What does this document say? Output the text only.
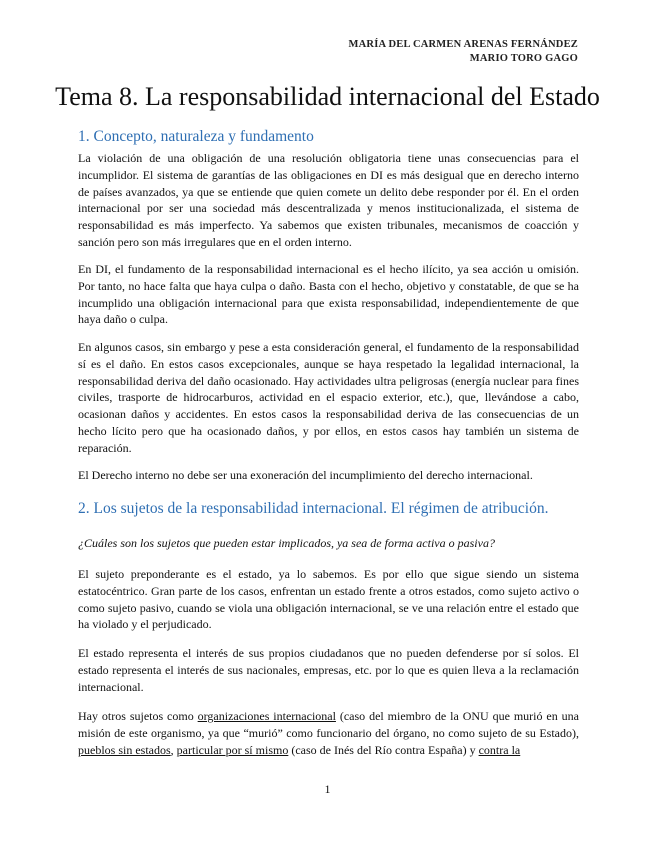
MARÍA DEL CARMEN ARENAS FERNÁNDEZ
MARIO TORO GAGO
Tema 8. La responsabilidad internacional del Estado
1. Concepto, naturaleza y fundamento

La violación de una obligación de una resolución obligatoria tiene unas consecuencias para el incumplidor. El sistema de garantías de las obligaciones en DI es más desigual que en derecho interno de países avanzados, ya que se entiende que quien comete un delito debe responder por él. En el orden internacional por ser una sociedad más descentralizada y menos institucionalizada, el sistema de responsabilidad es más imperfecto. Ya sabemos que existen tribunales, mecanismos de coacción y sanción pero son más irregulares que en el orden interno.

En DI, el fundamento de la responsabilidad internacional es el hecho ilícito, ya sea acción u omisión. Por tanto, no hace falta que haya culpa o daño. Basta con el hecho, objetivo y constatable, de que se ha incumplido una obligación internacional para que exista responsabilidad, independientemente de que haya daño o culpa.

En algunos casos, sin embargo y pese a esta consideración general, el fundamento de la responsabilidad sí es el daño. En estos casos excepcionales, aunque se haya respetado la legalidad internacional, la responsabilidad deriva del daño ocasionado. Hay actividades ultra peligrosas (energía nuclear para fines civiles, trasporte de hidrocarburos, actividad en el espacio exterior, etc.), que, llevándose a cabo, ocasionan daños y accidentes. En estos casos la responsabilidad deriva de las consecuencias de un hecho lícito pero que ha ocasionado daños, y por ellos, en estos casos hay también un sistema de reparación.

El Derecho interno no debe ser una exoneración del incumplimiento del derecho internacional.

2. Los sujetos de la responsabilidad internacional. El régimen de atribución.

¿Cuáles son los sujetos que pueden estar implicados, ya sea de forma activa o pasiva?

El sujeto preponderante es el estado, ya lo sabemos. Es por ello que sigue siendo un sistema estatocéntrico. Gran parte de los casos, enfrentan un estado frente a otros estados, como sujeto activo o como sujeto pasivo, cuando se viola una obligación internacional, se ve una relación entre el estado que ha violado y el perjudicado.

El estado representa el interés de sus propios ciudadanos que no pueden defenderse por sí solos. El estado representa el interés de sus nacionales, empresas, etc. por lo que es quien lleva a la reclamación internacional.

Hay otros sujetos como organizaciones internacional (caso del miembro de la ONU que murió en una misión de este organismo, ya que “murió” como funcionario del órgano, no como sujeto de su Estado), pueblos sin estados, particular por sí mismo (caso de Inés del Río contra España) y contra la

1
